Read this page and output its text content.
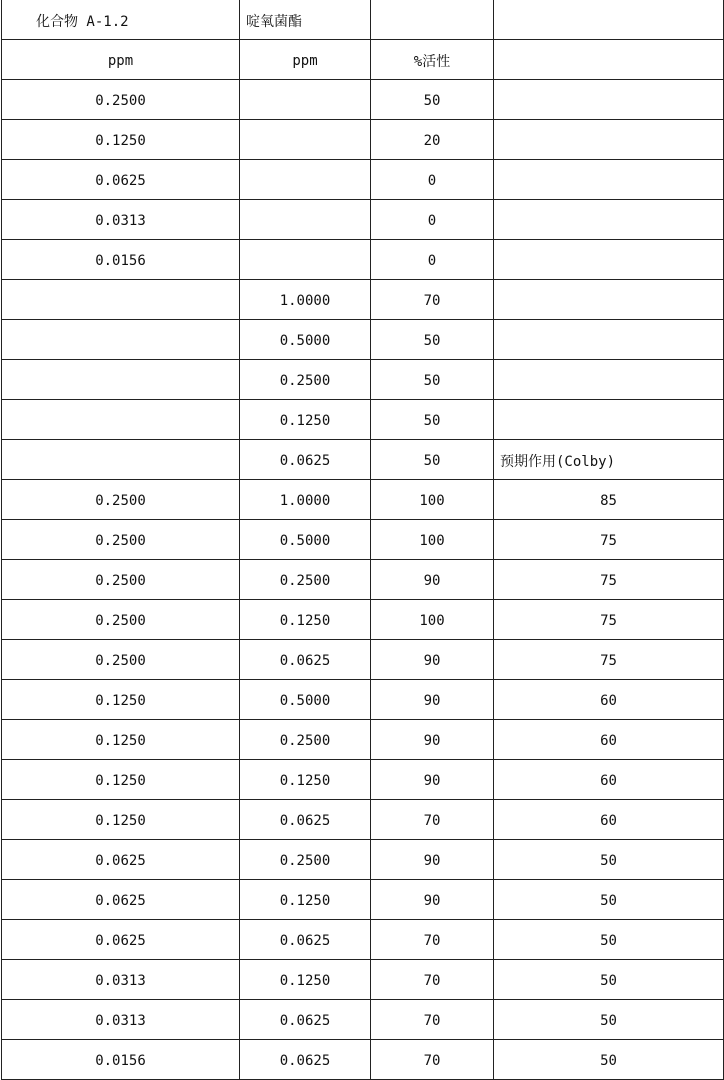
化合物 A-1.2	啶氧菌酯		
ppm	ppm	%活性	
0.2500		50	
0.1250		20	
0.0625		0	
0.0313		0	
0.0156		0	
	1.0000	70	
	0.5000	50	
	0.2500	50	
	0.1250	50	
	0.0625	50	预期作用(Colby)
0.2500	1.0000	100	85
0.2500	0.5000	100	75
0.2500	0.2500	90	75
0.2500	0.1250	100	75
0.2500	0.0625	90	75
0.1250	0.5000	90	60
0.1250	0.2500	90	60
0.1250	0.1250	90	60
0.1250	0.0625	70	60
0.0625	0.2500	90	50
0.0625	0.1250	90	50
0.0625	0.0625	70	50
0.0313	0.1250	70	50
0.0313	0.0625	70	50
0.0156	0.0625	70	50
